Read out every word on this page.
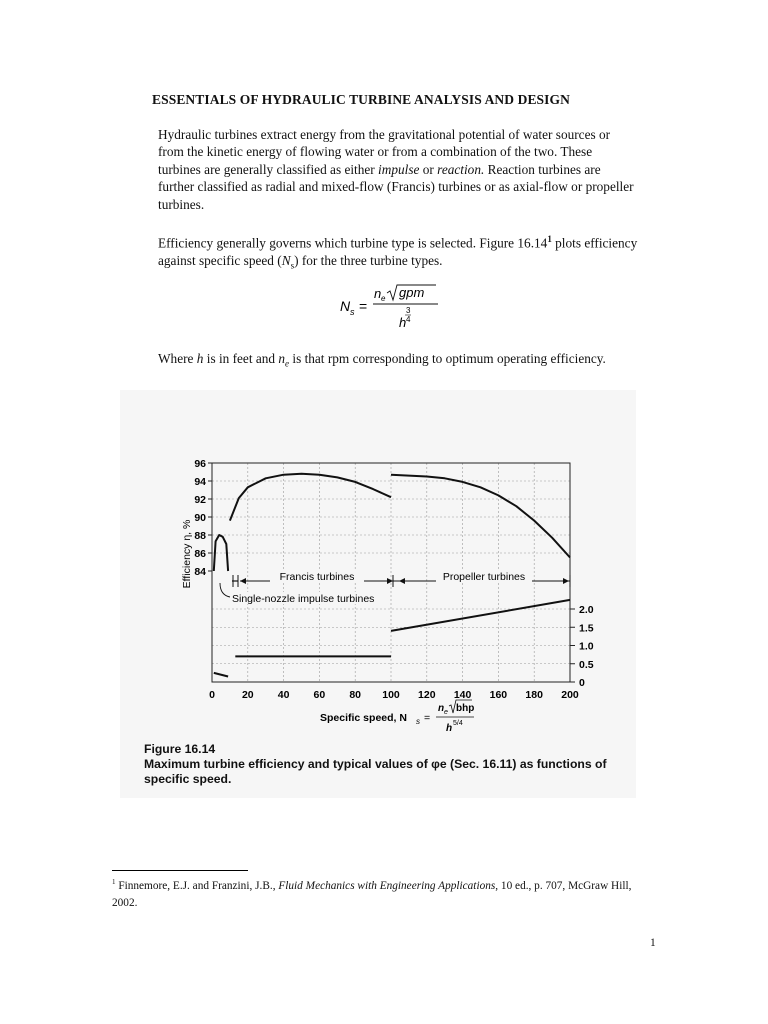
ESSENTIALS OF HYDRAULIC TURBINE ANALYSIS AND DESIGN
Hydraulic turbines extract energy from the gravitational potential of water sources or from the kinetic energy of flowing water or from a combination of the two. These turbines are generally classified as either impulse or reaction. Reaction turbines are further classified as radial and mixed-flow (Francis) turbines or as axial-flow or propeller turbines.
Efficiency generally governs which turbine type is selected. Figure 16.14$^1$ plots efficiency against specific speed $(N_s)$ for the three turbine types.
N s =
n e gpm
h
3
4
Where h is in feet and $n_e$ is that rpm corresponding to optimum operating efficiency.
0	20 40 60 80 100 120 140 160 180 200
84
86
88
90
92
94
96
0
0.5
1.0
1.5
2.0
Efficiency η, %	Francis turbines	Propeller turbines
Single-nozzle impulse turbines
Specific speed, N s =
n e bhp
h 5/4
Figure 16.14
Maximum turbine efficiency and typical values of φe (Sec. 16.11) as functions of specific speed.
$^1$ Finnemore, E.J. and Franzini, J.B., Fluid Mechanics with Engineering Applications, 10 ed., p. 707, McGraw Hill, 2002.
1
